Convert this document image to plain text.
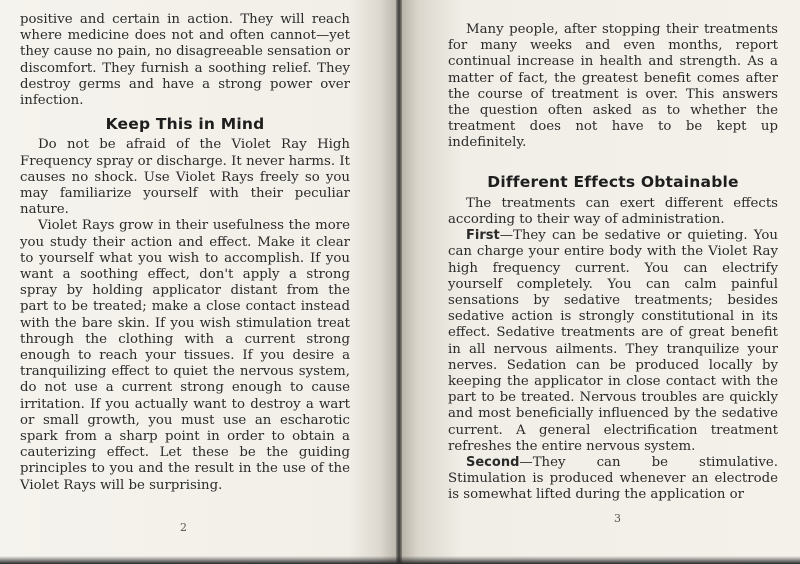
positive and certain in action. They will reach where medicine does not and often cannot—yet they cause no pain, no disagreeable sensation or discomfort. They furnish a soothing relief. They destroy germs and have a strong power over infection.

Keep This in Mind

Do not be afraid of the Violet Ray High Frequency spray or discharge. It never harms. It causes no shock. Use Violet Rays freely so you may familiarize yourself with their peculiar nature.

Violet Rays grow in their usefulness the more you study their action and effect. Make it clear to yourself what you wish to accomplish. If you want a soothing effect, don't apply a strong spray by holding applicator distant from the part to be treated; make a close contact instead with the bare skin. If you wish stimulation treat through the clothing with a current strong enough to reach your tissues. If you desire a tranquilizing effect to quiet the nervous system, do not use a current strong enough to cause irritation. If you actually want to destroy a wart or small growth, you must use an escharotic spark from a sharp point in order to obtain a cauterizing effect. Let these be the guiding principles to you and the result in the use of the Violet Rays will be surprising.

2

Many people, after stopping their treatments for many weeks and even months, report continual increase in health and strength. As a matter of fact, the greatest benefit comes after the course of treatment is over. This answers the question often asked as to whether the treatment does not have to be kept up indefinitely.

Different Effects Obtainable

The treatments can exert different effects according to their way of administration.

First—They can be sedative or quieting. You can charge your entire body with the Violet Ray high frequency current. You can electrify yourself completely. You can calm painful sensations by sedative treatments; besides sedative action is strongly constitutional in its effect. Sedative treatments are of great benefit in all nervous ailments. They tranquilize your nerves. Sedation can be produced locally by keeping the applicator in close contact with the part to be treated. Nervous troubles are quickly and most beneficially influenced by the sedative current. A general electrification treatment refreshes the entire nervous system.

Second—They can be stimulative. Stimulation is produced whenever an electrode is somewhat lifted during the application or

3
